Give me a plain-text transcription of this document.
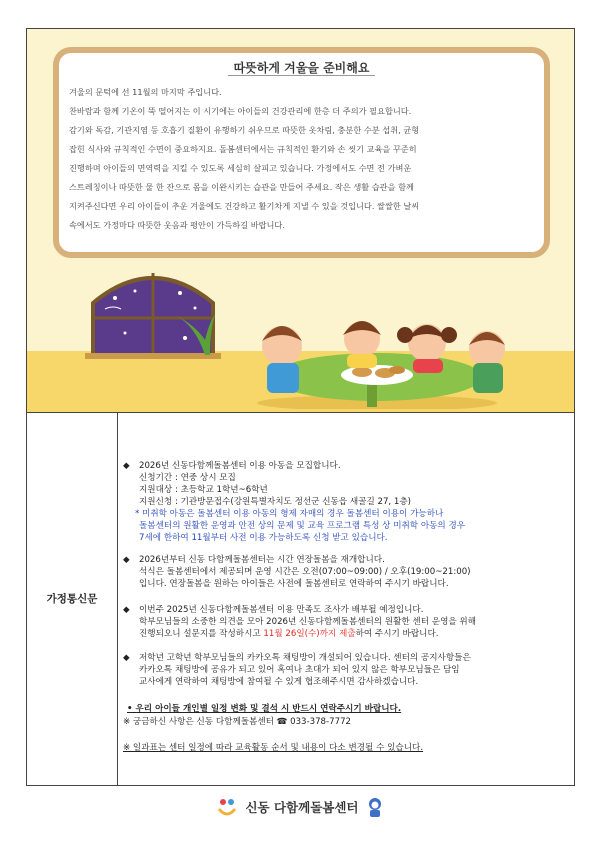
따뜻하게 겨울을 준비해요

겨울의 문턱에 선 11월의 마지막 주입니다.

찬바람과 함께 기온이 뚝 떨어지는 이 시기에는 아이들의 건강관리에 한층 더 주의가 필요합니다.

감기와 독감, 기관지염 등 호흡기 질환이 유행하기 쉬우므로 따뜻한 옷차림, 충분한 수분 섭취, 균형

잡힌 식사와 규칙적인 수면이 중요하지요. 돌봄센터에서는 규칙적인 환기와 손 씻기 교육을 꾸준히

진행하며 아이들의 면역력을 지킬 수 있도록 세심히 살피고 있습니다. 가정에서도 수면 전 가벼운

스트레칭이나 따뜻한 물 한 잔으로 몸을 이완시키는 습관을 만들어 주세요. 작은 생활 습관을 함께

지켜주신다면 우리 아이들이 추운 겨울에도 건강하고 활기차게 지낼 수 있을 것입니다. 쌀쌀한 날씨

속에서도 가정마다 따뜻한 웃음과 평안이 가득하길 바랍니다.

가정통신문
◆ 2026년 신동다함께돌봄센터 이용 아동을 모집합니다.
신청기간 : 연중 상시 모집
지원대상 : 초등학교 1학년~6학년
지원신청 : 기관방문접수(강원특별자치도 정선군 신동읍 새골길 27, 1층)
* 미취학 아동은 돌봄센터 이용 아동의 형제 자매의 경우 돌봄센터 이용이 가능하나
돌봄센터의 원활한 운영과 안전 상의 문제 및 교육 프로그램 특성 상 미취학 아동의 경우
7세에 한하여 11월부터 사전 이용 가능하도록 신청 받고 있습니다.
◆ 2026년부터 신동 다함께돌봄센터는 시간 연장돌봄을 재개합니다.
석식은 돌봄센터에서 제공되며 운영 시간은 오전(07:00~09:00) / 오후(19:00~21:00)
입니다. 연장돌봄을 원하는 아이들은 사전에 돌봄센터로 연락하여 주시기 바랍니다.
◆ 이번주 2025년 신동다함께돌봄센터 이용 만족도 조사가 배부될 예정입니다.
학부모님들의 소중한 의견을 모아 2026년 신동다함께돌봄센터의 원활한 센터 운영을 위해
진행되오니 설문지를 작성하시고 11월 26일(수)까지 제출하여 주시기 바랍니다.
◆ 저학년 고학년 학부모님들의 카카오톡 채팅방이 개설되어 있습니다. 센터의 공지사항들은
카카오톡 채팅방에 공유가 되고 있어 혹여나 초대가 되어 있지 않은 학부모님들은 담임
교사에게 연락하여 채팅방에 참여될 수 있게 협조해주시면 감사하겠습니다.
• 우리 아이들 개인별 일정 변화 및 결석 시 반드시 연락주시기 바랍니다.
※ 궁금하신 사항은 신동 다함께돌봄센터 ☎ 033-378-7772
※ 일과표는 센터 일정에 따라 교육활동 순서 및 내용이 다소 변경될 수 있습니다.
신동 다함께돌봄센터
